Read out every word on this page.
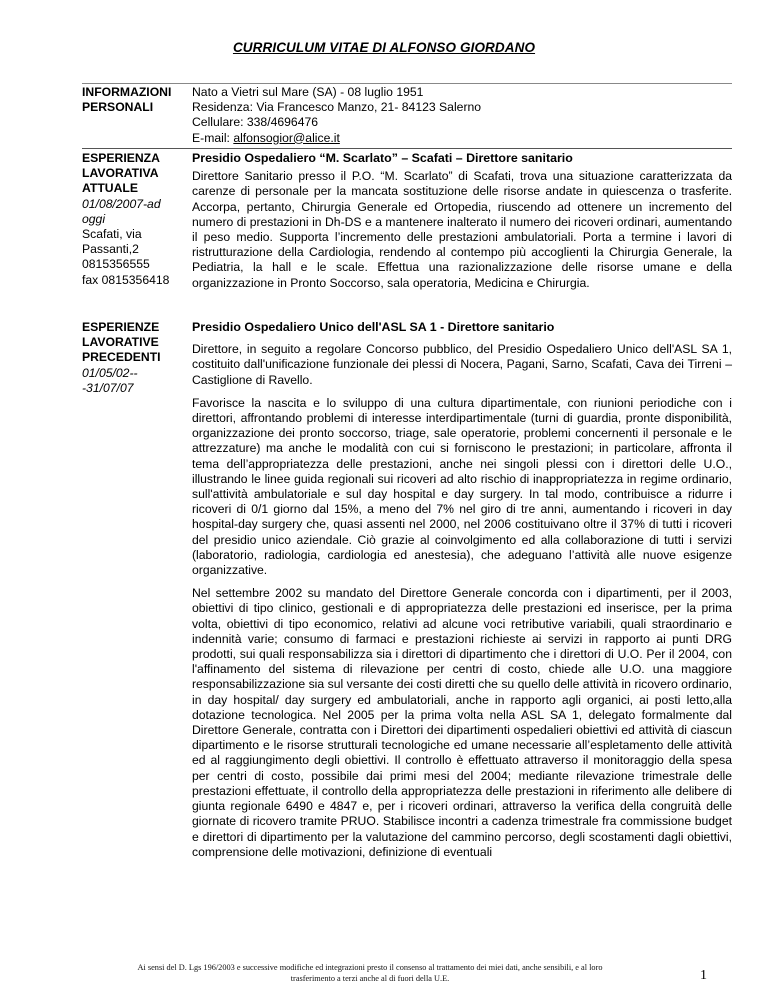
CURRICULUM VITAE DI ALFONSO GIORDANO
INFORMAZIONI
PERSONALI
Nato a Vietri sul Mare (SA) - 08 luglio 1951
Residenza: Via Francesco Manzo, 21- 84123 Salerno
Cellulare: 338/4696476
E-mail: alfonsogior@alice.it
ESPERIENZA
LAVORATIVA
ATTUALE
01/08/2007-ad oggi
Scafati, via Passanti,2
0815356555
fax 0815356418

Presidio Ospedaliero “M. Scarlato” – Scafati – Direttore sanitario

Direttore Sanitario presso il P.O. “M. Scarlato” di Scafati, trova una situazione caratterizzata da carenze di personale per la mancata sostituzione delle risorse andate in quiescenza o trasferite. Accorpa, pertanto, Chirurgia Generale ed Ortopedia, riuscendo ad ottenere un incremento del numero di prestazioni in Dh-DS e a mantenere inalterato il numero dei ricoveri ordinari, aumentando il peso medio. Supporta l’incremento delle prestazioni ambulatoriali. Porta a termine i lavori di ristrutturazione della Cardiologia, rendendo al contempo più accoglienti la Chirurgia Generale, la Pediatria, la hall e le scale. Effettua una razionalizzazione delle risorse umane e della organizzazione in Pronto Soccorso, sala operatoria, Medicina e Chirurgia.

ESPERIENZE
LAVORATIVE
PRECEDENTI
01/05/02---31/07/07

Presidio Ospedaliero Unico dell'ASL SA 1 - Direttore sanitario

Direttore, in seguito a regolare Concorso pubblico, del Presidio Ospedaliero Unico dell'ASL SA 1, costituito dall'unificazione funzionale dei plessi di Nocera, Pagani, Sarno, Scafati, Cava dei Tirreni –Castiglione di Ravello.

Favorisce la nascita e lo sviluppo di una cultura dipartimentale, con riunioni periodiche con i direttori, affrontando problemi di interesse interdipartimentale (turni di guardia, pronte disponibilità, organizzazione dei pronto soccorso, triage, sale operatorie, problemi concernenti il personale e le attrezzature) ma anche le modalità con cui si forniscono le prestazioni; in particolare, affronta il tema dell’appropriatezza delle prestazioni, anche nei singoli plessi con i direttori delle U.O., illustrando le linee guida regionali sui ricoveri ad alto rischio di inappropriatezza in regime ordinario, sull'attività ambulatoriale e sul day hospital e day surgery. In tal modo, contribuisce a ridurre i ricoveri di 0/1 giorno dal 15%, a meno del 7% nel giro di tre anni, aumentando i ricoveri in day hospital-day surgery che, quasi assenti nel 2000, nel 2006 costituivano oltre il 37% di tutti i ricoveri del presidio unico aziendale. Ciò grazie al coinvolgimento ed alla collaborazione di tutti i servizi (laboratorio, radiologia, cardiologia ed anestesia), che adeguano l’attività alle nuove esigenze organizzative.

Nel settembre 2002 su mandato del Direttore Generale concorda con i dipartimenti, per il 2003, obiettivi di tipo clinico, gestionali e di appropriatezza delle prestazioni ed inserisce, per la prima volta, obiettivi di tipo economico, relativi ad alcune voci retributive variabili, quali straordinario e indennità varie; consumo di farmaci e prestazioni richieste ai servizi in rapporto ai punti DRG prodotti, sui quali responsabilizza sia i direttori di dipartimento che i direttori di U.O. Per il 2004, con l'affinamento del sistema di rilevazione per centri di costo, chiede alle U.O. una maggiore responsabilizzazione sia sul versante dei costi diretti che su quello delle attività in ricovero ordinario, in day hospital/ day surgery ed ambulatoriali, anche in rapporto agli organici, ai posti letto,alla dotazione tecnologica. Nel 2005 per la prima volta nella ASL SA 1, delegato formalmente dal Direttore Generale, contratta con i Direttori dei dipartimenti ospedalieri obiettivi ed attività di ciascun dipartimento e le risorse strutturali tecnologiche ed umane necessarie all’espletamento delle attività ed al raggiungimento degli obiettivi. Il controllo è effettuato attraverso il monitoraggio della spesa per centri di costo, possibile dai primi mesi del 2004; mediante rilevazione trimestrale delle prestazioni effettuate, il controllo della appropriatezza delle prestazioni in riferimento alle delibere di giunta regionale 6490 e 4847 e, per i ricoveri ordinari, attraverso la verifica della congruità delle giornate di ricovero tramite PRUO. Stabilisce incontri a cadenza trimestrale fra commissione budget e direttori di dipartimento per la valutazione del cammino percorso, degli scostamenti dagli obiettivi, comprensione delle motivazioni, definizione di eventuali

Ai sensi del D. Lgs 196/2003 e successive modifiche ed integrazioni presto il consenso al trattamento dei miei dati, anche sensibili, e al loro
trasferimento a terzi anche al di fuori della U.E.	1
